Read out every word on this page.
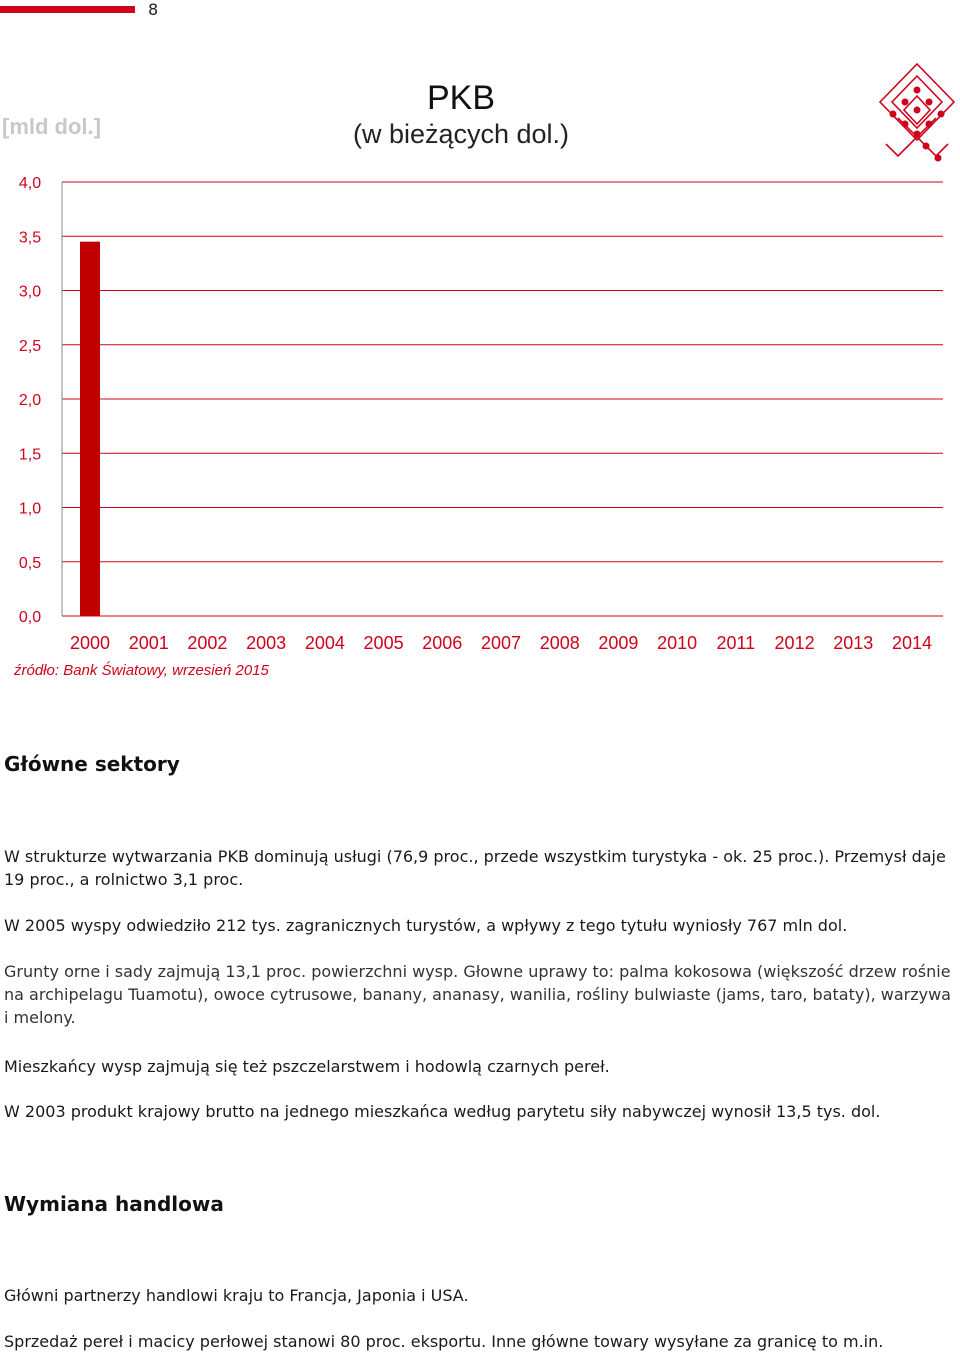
8
PKB
(w bieżących dol.)
[mld dol.]
0,0
0,5
1,0
1,5
2,0
2,5
3,0
3,5
4,0
2000 2001 2002 2003 2004 2005 2006 2007 2008 2009 2010 2011 2012 2013 2014
źródło: Bank Światowy, wrzesień 2015
Główne sektory

W strukturze wytwarzania PKB dominują usługi (76,9 proc., przede wszystkim turystyka - ok. 25 proc.). Przemysł daje 19 proc., a rolnictwo 3,1 proc.

W 2005 wyspy odwiedziło 212 tys. zagranicznych turystów, a wpływy z tego tytułu wyniosły 767 mln dol.

Grunty orne i sady zajmują 13,1 proc. powierzchni wysp. Głowne uprawy to: palma kokosowa (większość drzew rośnie na archipelagu Tuamotu), owoce cytrusowe, banany, ananasy, wanilia, rośliny bulwiaste (jams, taro, bataty), warzywa i melony.

Mieszkańcy wysp zajmują się też pszczelarstwem i hodowlą czarnych pereł.

W 2003 produkt krajowy brutto na jednego mieszkańca według parytetu siły nabywczej wynosił 13,5 tys. dol.

Wymiana handlowa

Główni partnerzy handlowi kraju to Francja, Japonia i USA.

Sprzedaż pereł i macicy perłowej stanowi 80 proc. eksportu. Inne główne towary wysyłane za granicę to m.in.
